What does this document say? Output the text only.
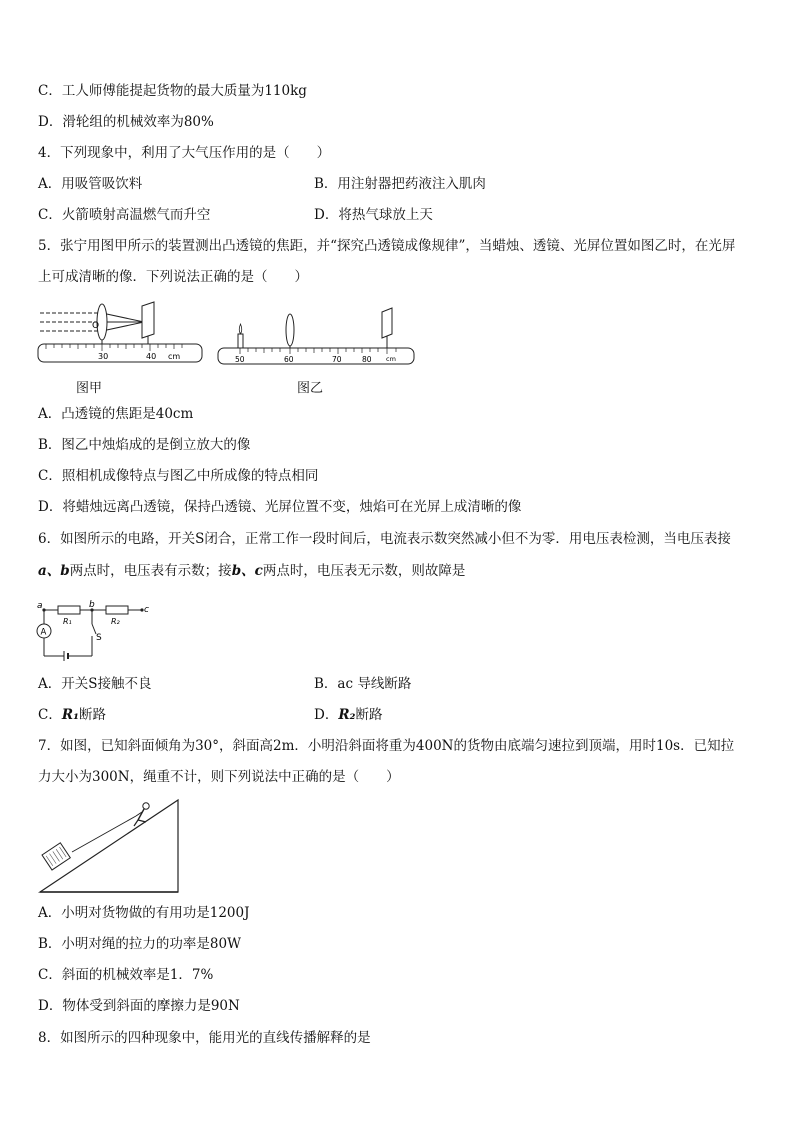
C．工人师傅能提起货物的最大质量为110kg
D．滑轮组的机械效率为80%
4．下列现象中，利用了大气压作用的是（　　）
A．用吸管吸饮料	B．用注射器把药液注入肌肉
C．火箭喷射高温燃气而升空	D．将热气球放上天
5．张宁用图甲所示的装置测出凸透镜的焦距，并“探究凸透镜成像规律”，当蜡烛、透镜、光屏位置如图乙时，在光屏
上可成清晰的像．下列说法正确的是（　　）
O
30	40 cm
图甲
50	60	70	80 cm
图乙
A．凸透镜的焦距是40cm
B．图乙中烛焰成的是倒立放大的像
C．照相机成像特点与图乙中所成像的特点相同
D．将蜡烛远离凸透镜，保持凸透镜、光屏位置不变，烛焰可在光屏上成清晰的像
6．如图所示的电路，开关S闭合，正常工作一段时间后，电流表示数突然减小但不为零．用电压表检测，当电压表接
a、b两点时，电压表有示数；接b、c两点时，电压表无示数，则故障是
a	b	c
R₁	R₂
S
A
A．开关S接触不良	B．ac 导线断路
C．R₁断路	D．R₂断路
7．如图，已知斜面倾角为30°，斜面高2m．小明沿斜面将重为400N的货物由底端匀速拉到顶端，用时10s．已知拉
力大小为300N，绳重不计，则下列说法中正确的是（　　）
A．小明对货物做的有用功是1200J
B．小明对绳的拉力的功率是80W
C．斜面的机械效率是1．7%
D．物体受到斜面的摩擦力是90N
8．如图所示的四种现象中，能用光的直线传播解释的是
